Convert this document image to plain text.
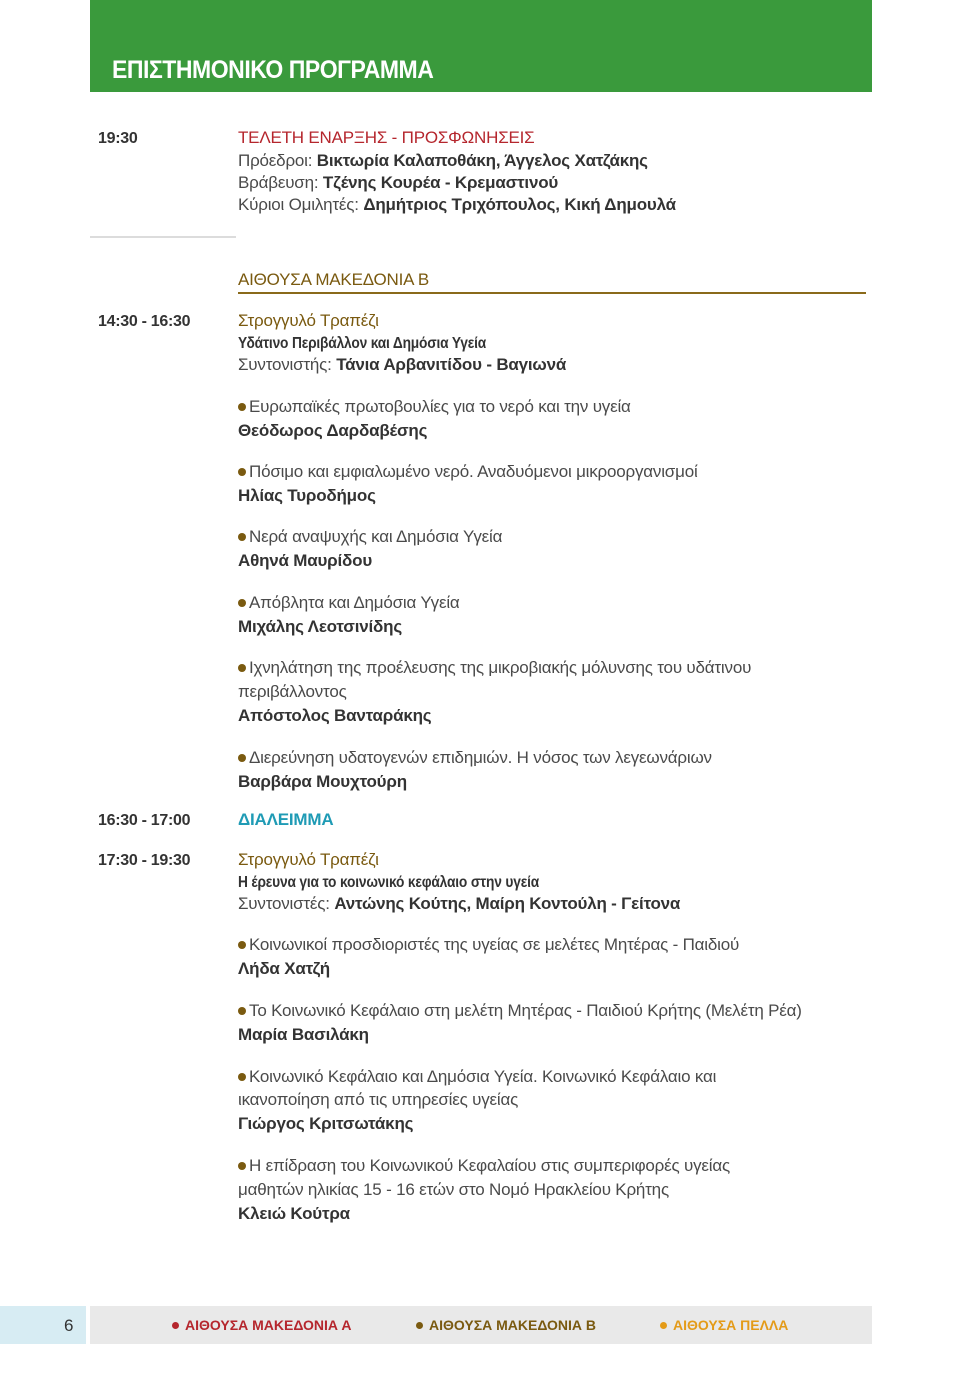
ΕΠΙΣΤΗΜΟΝΙΚΟ ΠΡΟΓΡΑΜΜΑ
19:30	ΤΕΛΕΤΗ ΕΝΑΡΞΗΣ - ΠΡΟΣΦΩΝΗΣΕΙΣ
Πρόεδροι: Βικτωρία Καλαποθάκη, Άγγελος Χατζάκης
Βράβευση: Τζένης Κουρέα - Κρεμαστινού
Κύριοι Ομιλητές: Δημήτριος Τριχόπουλος, Κική Δημουλά
ΑΙΘΟΥΣΑ ΜΑΚΕΔΟΝΙΑ Β
14:30 - 16:30	Στρογγυλό Τραπέζι
Υδάτινο Περιβάλλον και Δημόσια Υγεία
Συντονιστής: Τάνια Αρβανιτίδου - Βαγιωνά
Ευρωπαϊκές πρωτοβουλίες για το νερό και την υγεία
Θεόδωρος Δαρδαβέσης
Πόσιμο και εμφιαλωμένο νερό. Αναδυόμενοι μικροοργανισμοί
Ηλίας Τυροδήμος
Νερά αναψυχής και Δημόσια Υγεία
Αθηνά Μαυρίδου
Απόβλητα και Δημόσια Υγεία
Μιχάλης Λεοτσινίδης
Ιχνηλάτηση της προέλευσης της μικροβιακής μόλυνσης του υδάτινου
περιβάλλοντος
Απόστολος Βανταράκης
Διερεύνηση υδατογενών επιδημιών. Η νόσος των λεγεωνάριων
Βαρβάρα Μουχτούρη
16:30 - 17:00	ΔΙΑΛΕΙΜΜΑ
17:30 - 19:30	Στρογγυλό Τραπέζι
Η έρευνα για το κοινωνικό κεφάλαιο στην υγεία
Συντονιστές: Αντώνης Κούτης, Μαίρη Κοντούλη - Γείτονα
Κοινωνικοί προσδιοριστές της υγείας σε μελέτες Μητέρας - Παιδιού
Λήδα Χατζή
Το Κοινωνικό Κεφάλαιο στη μελέτη Μητέρας - Παιδιού Κρήτης (Μελέτη Ρέα)
Μαρία Βασιλάκη
Κοινωνικό Κεφάλαιο και Δημόσια Υγεία. Κοινωνικό Κεφάλαιο και
ικανοποίηση από τις υπηρεσίες υγείας
Γιώργος Κριτσωτάκης
Η επίδραση του Κοινωνικού Κεφαλαίου στις συμπεριφορές υγείας
μαθητών ηλικίας 15 - 16 ετών στο Νομό Ηρακλείου Κρήτης
Κλειώ Κούτρα
6	ΑΙΘΟΥΣΑ ΜΑΚΕΔΟΝΙΑ Α	ΑΙΘΟΥΣΑ ΜΑΚΕΔΟΝΙΑ Β	ΑΙΘΟΥΣΑ ΠΕΛΛΑ
